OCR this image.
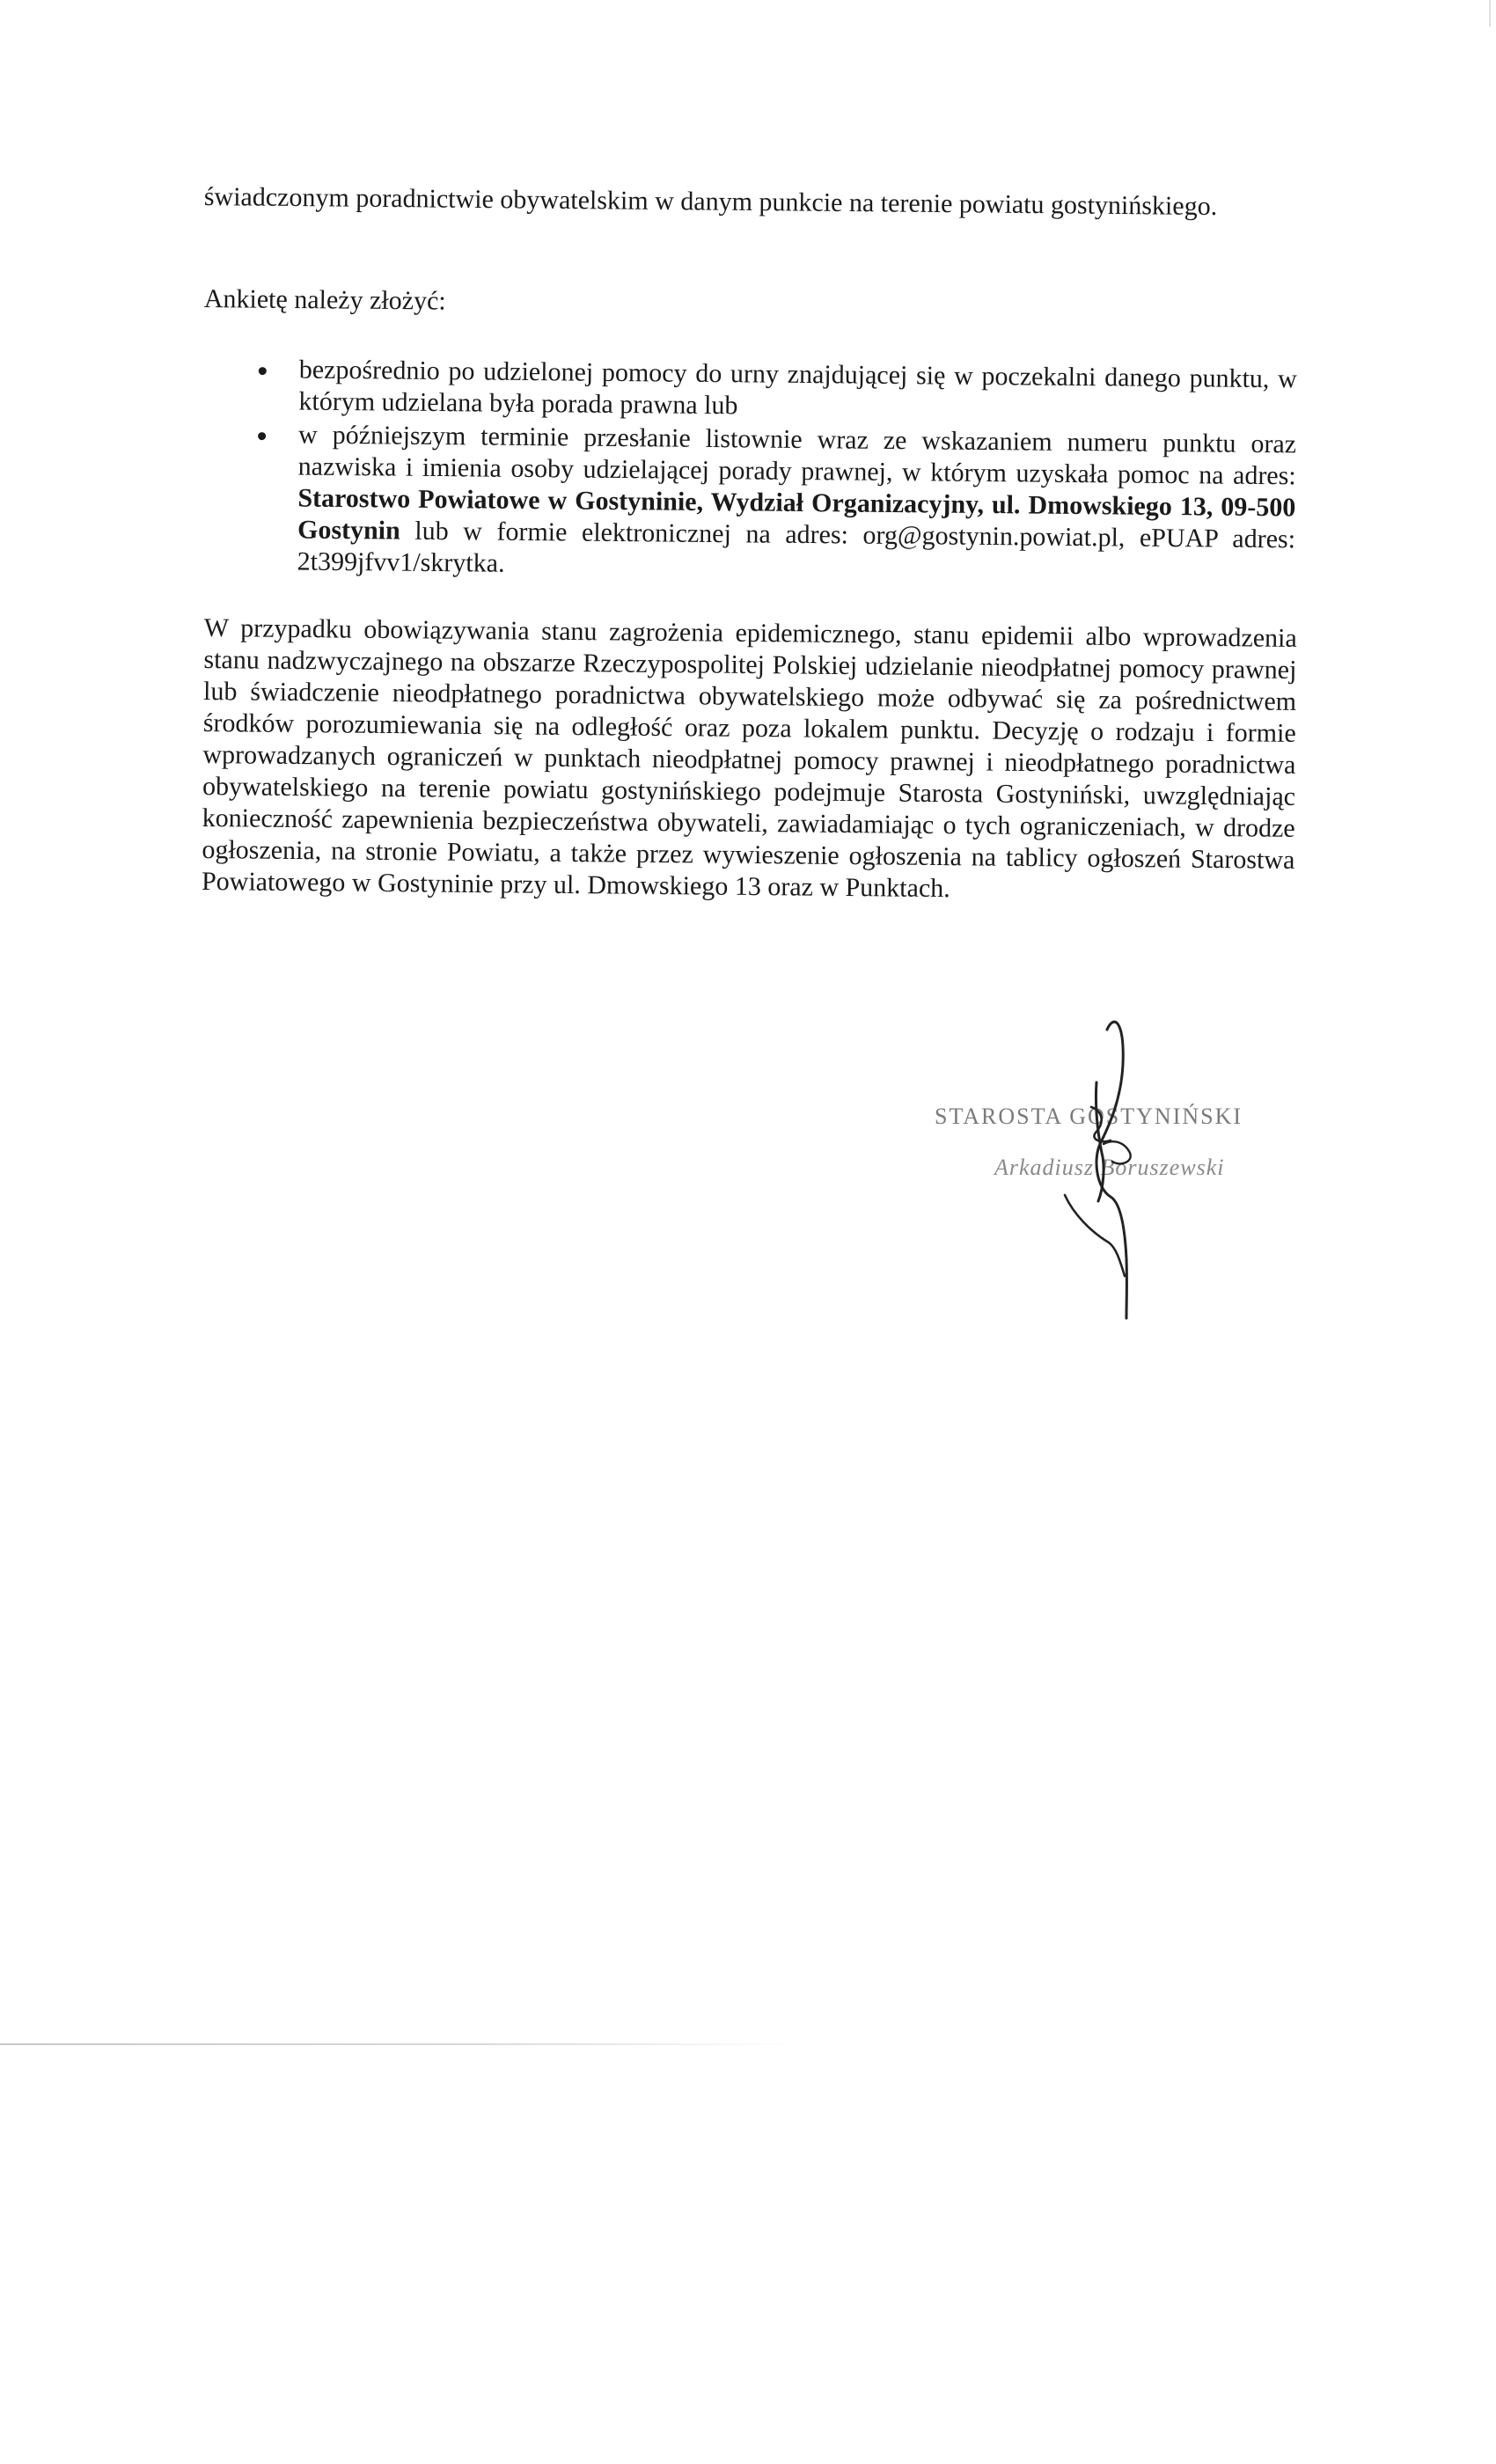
świadczonym poradnictwie obywatelskim w danym punkcie na terenie powiatu gostynińskiego.

Ankietę należy złożyć:

bezpośrednio po udzielonej pomocy do urny znajdującej się w poczekalni danego punktu, w którym udzielana była porada prawna lub
w późniejszym terminie przesłanie listownie wraz ze wskazaniem numeru punktu oraz nazwiska i imienia osoby udzielającej porady prawnej, w którym uzyskała pomoc na adres: Starostwo Powiatowe w Gostyninie, Wydział Organizacyjny, ul. Dmowskiego 13, 09-500 Gostynin lub w formie elektronicznej na adres: org@gostynin.powiat.pl, ePUAP adres: 2t399jfvv1/skrytka.

W przypadku obowiązywania stanu zagrożenia epidemicznego, stanu epidemii albo wprowadzenia stanu nadzwyczajnego na obszarze Rzeczypospolitej Polskiej udzielanie nieodpłatnej pomocy prawnej lub świadczenie nieodpłatnego poradnictwa obywatelskiego może odbywać się za pośrednictwem środków porozumiewania się na odległość oraz poza lokalem punktu. Decyzję o rodzaju i formie wprowadzanych ograniczeń w punktach nieodpłatnej pomocy prawnej i nieodpłatnego poradnictwa obywatelskiego na terenie powiatu gostynińskiego podejmuje Starosta Gostyniński, uwzględniając konieczność zapewnienia bezpieczeństwa obywateli, zawiadamiając o tych ograniczeniach, w drodze ogłoszenia, na stronie Powiatu, a także przez wywieszenie ogłoszenia na tablicy ogłoszeń Starostwa Powiatowego w Gostyninie przy ul. Dmowskiego 13 oraz w Punktach.

STAROSTA GOSTYNIŃSKI
Arkadiusz Boruszewski
